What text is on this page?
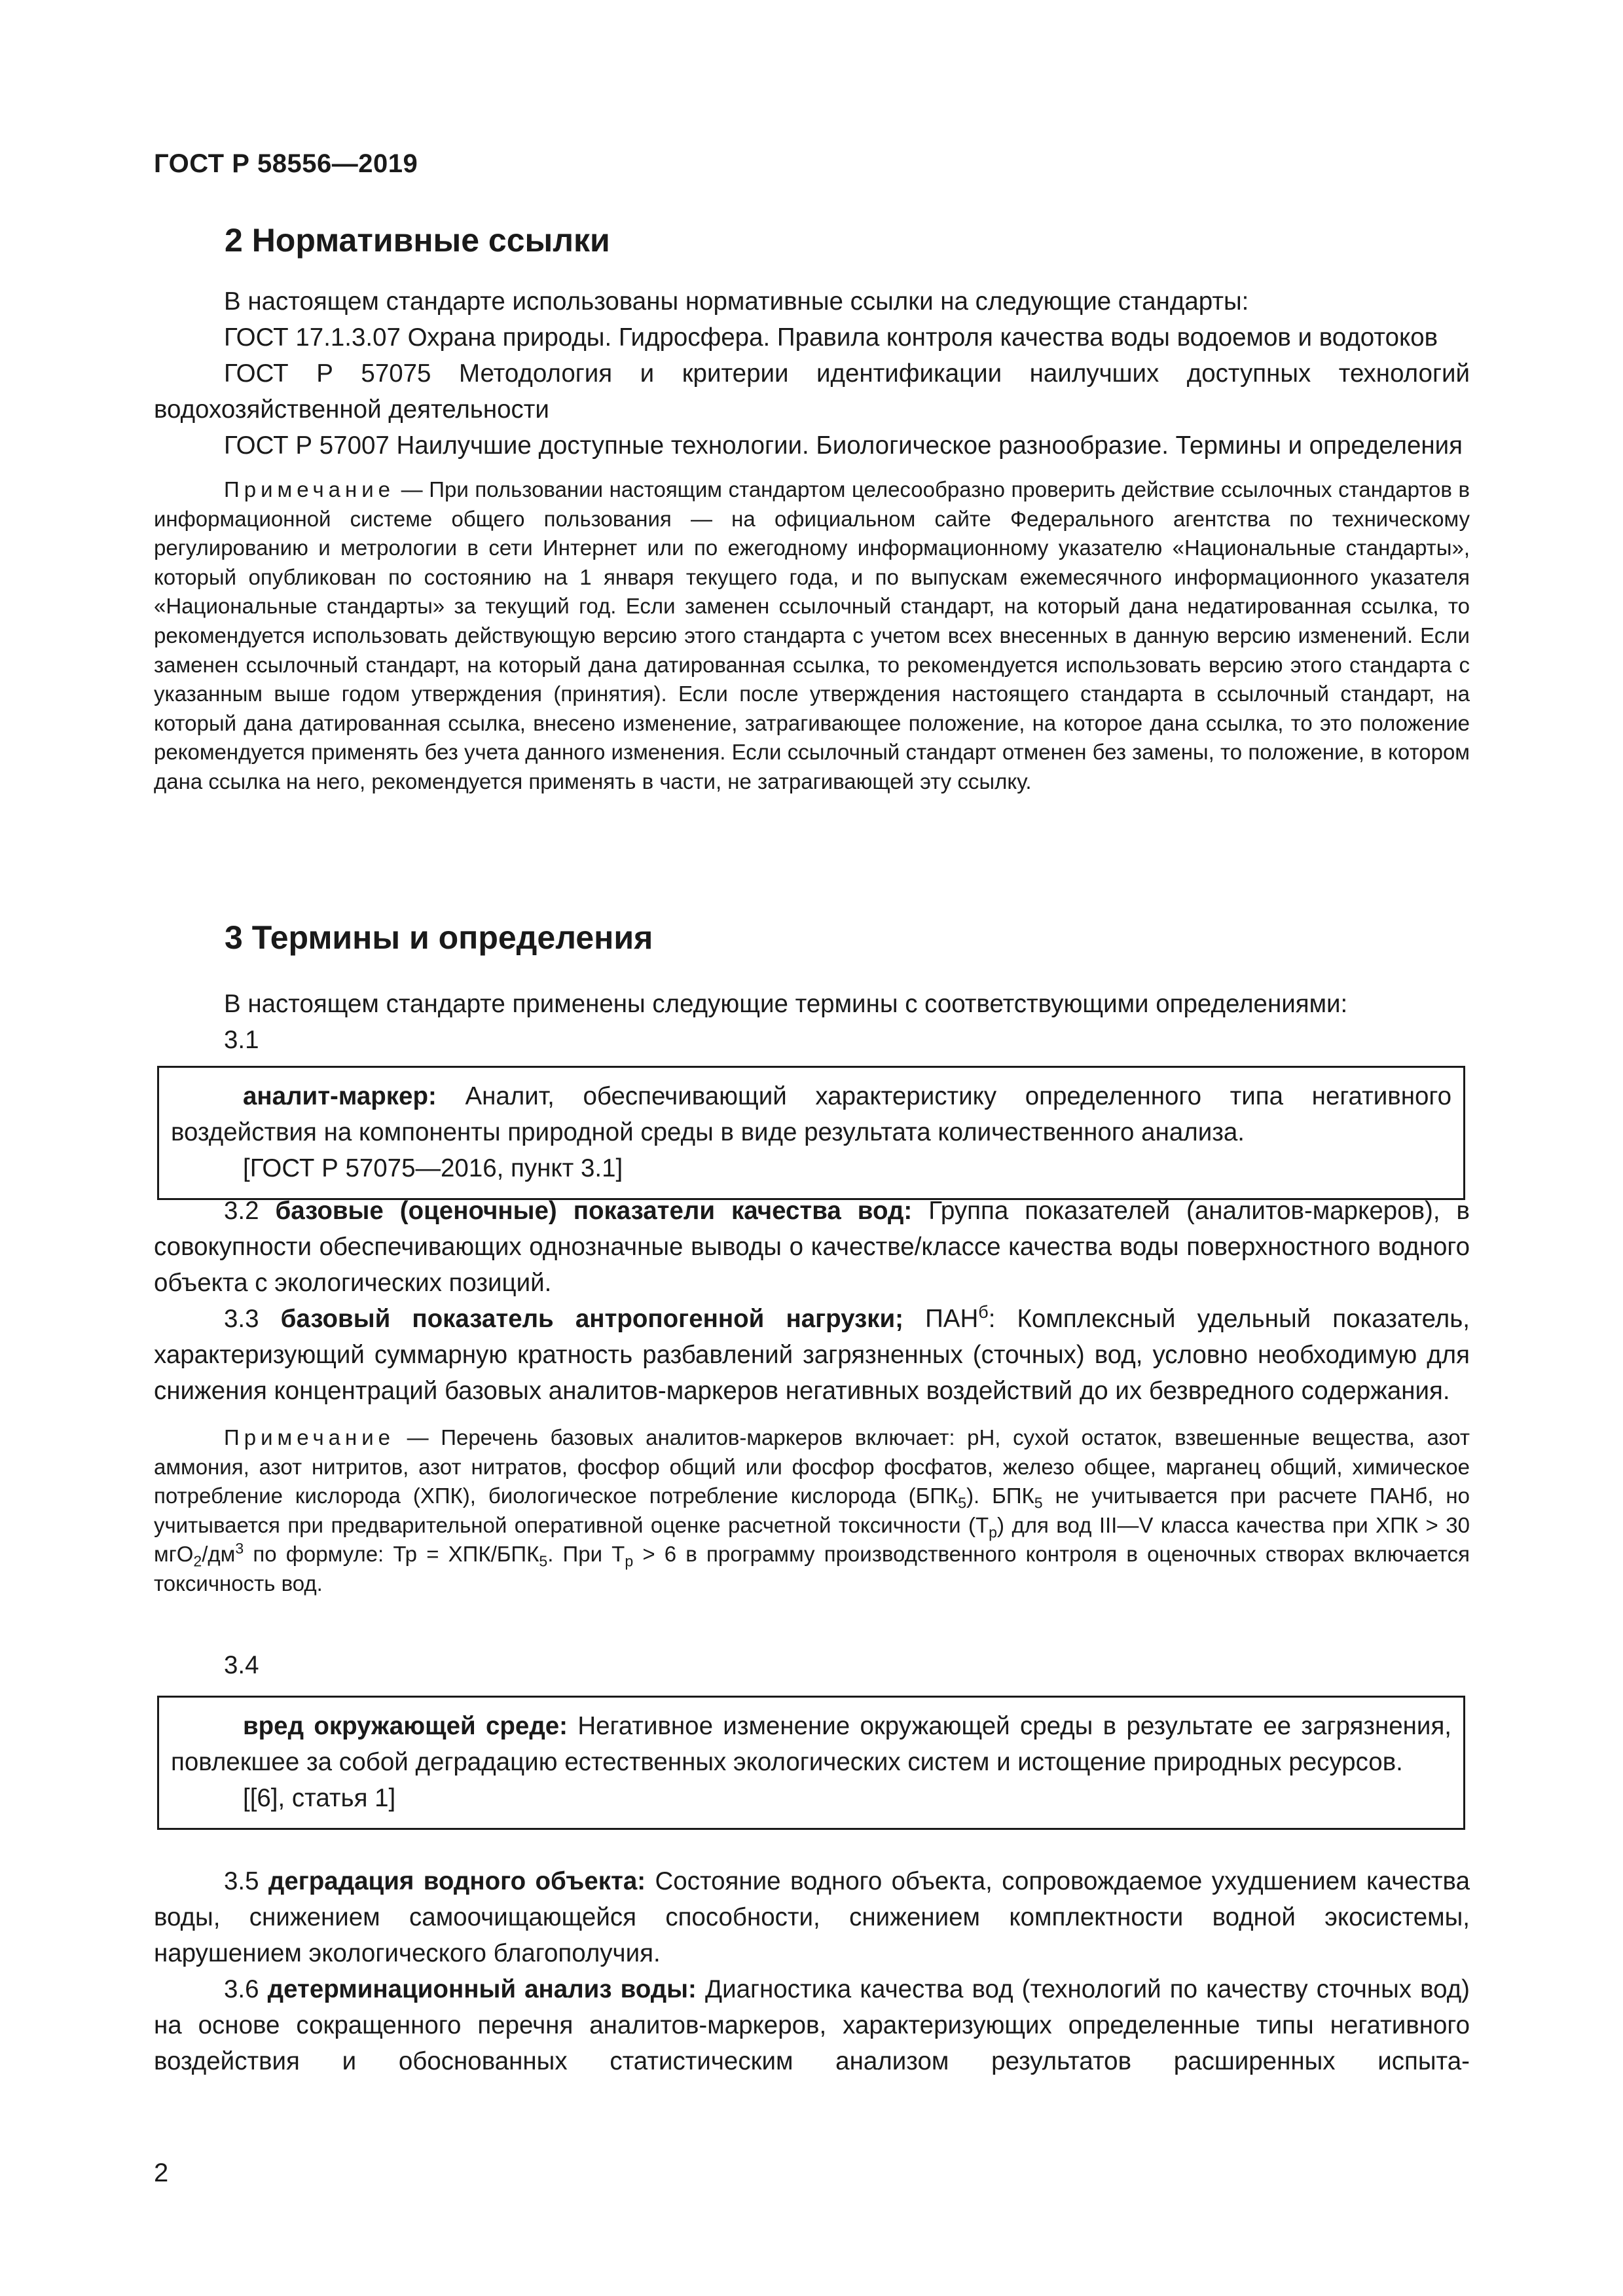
ГОСТ Р 58556—2019
2 Нормативные ссылки

В настоящем стандарте использованы нормативные ссылки на следующие стандарты:

ГОСТ 17.1.3.07 Охрана природы. Гидросфера. Правила контроля качества воды водоемов и водотоков

ГОСТ Р 57075 Методология и критерии идентификации наилучших доступных технологий водохозяйственной деятельности

ГОСТ Р 57007 Наилучшие доступные технологии. Биологическое разнообразие. Термины и определения

Примечание — При пользовании настоящим стандартом целесообразно проверить действие ссылочных стандартов в информационной системе общего пользования — на официальном сайте Федерального агентства по техническому регулированию и метрологии в сети Интернет или по ежегодному информационному указателю «Национальные стандарты», который опубликован по состоянию на 1 января текущего года, и по выпускам ежемесячного информационного указателя «Национальные стандарты» за текущий год. Если заменен ссылочный стандарт, на который дана недатированная ссылка, то рекомендуется использовать действующую версию этого стандарта с учетом всех внесенных в данную версию изменений. Если заменен ссылочный стандарт, на который дана датированная ссылка, то рекомендуется использовать версию этого стандарта с указанным выше годом утверждения (принятия). Если после утверждения настоящего стандарта в ссылочный стандарт, на который дана датированная ссылка, внесено изменение, затрагивающее положение, на которое дана ссылка, то это положение рекомендуется применять без учета данного изменения. Если ссылочный стандарт отменен без замены, то положение, в котором дана ссылка на него, рекомендуется применять в части, не затрагивающей эту ссылку.
3 Термины и определения

В настоящем стандарте применены следующие термины с соответствующими определениями:

3.1

аналит-маркер: Аналит, обеспечивающий характеристику определенного типа негативного воздействия на компоненты природной среды в виде результата количественного анализа.

[ГОСТ Р 57075—2016, пункт 3.1]

3.2 базовые (оценочные) показатели качества вод: Группа показателей (аналитов-маркеров), в совокупности обеспечивающих однозначные выводы о качестве/классе качества воды поверхностного водного объекта с экологических позиций.

3.3 базовый показатель антропогенной нагрузки; $ПАН^б$: Комплексный удельный показатель, характеризующий суммарную кратность разбавлений загрязненных (сточных) вод, условно необходимую для снижения концентраций базовых аналитов-маркеров негативных воздействий до их безвредного содержания.

Примечание — Перечень базовых аналитов-маркеров включает: pH, сухой остаток, взвешенные вещества, азот аммония, азот нитритов, азот нитратов, фосфор общий или фосфор фосфатов, железо общее, марганец общий, химическое потребление кислорода (ХПК), биологическое потребление кислорода $(БПК_5)$. $БПК_5$ не учитывается при расчете ПАНб, но учитывается при предварительной оперативной оценке расчетной токсичности $(Т_р)$ для вод III—V класса качества при ХПК > 30 $мгО_2/дм^3$ по формуле: Тр = ХПК/$БПК_5$. При $Т_р > 6$ в программу производственного контроля в оценочных створах включается токсичность вод.

3.4

вред окружающей среде: Негативное изменение окружающей среды в результате ее загрязнения, повлекшее за собой деградацию естественных экологических систем и истощение природных ресурсов.

[[6], статья 1]

3.5 деградация водного объекта: Состояние водного объекта, сопровождаемое ухудшением качества воды, снижением самоочищающейся способности, снижением комплектности водной экосистемы, нарушением экологического благополучия.

3.6 детерминационный анализ воды: Диагностика качества вод (технологий по качеству сточных вод) на основе сокращенного перечня аналитов-маркеров, характеризующих определенные типы негативного воздействия и обоснованных статистическим анализом результатов расширенных испыта-

2
